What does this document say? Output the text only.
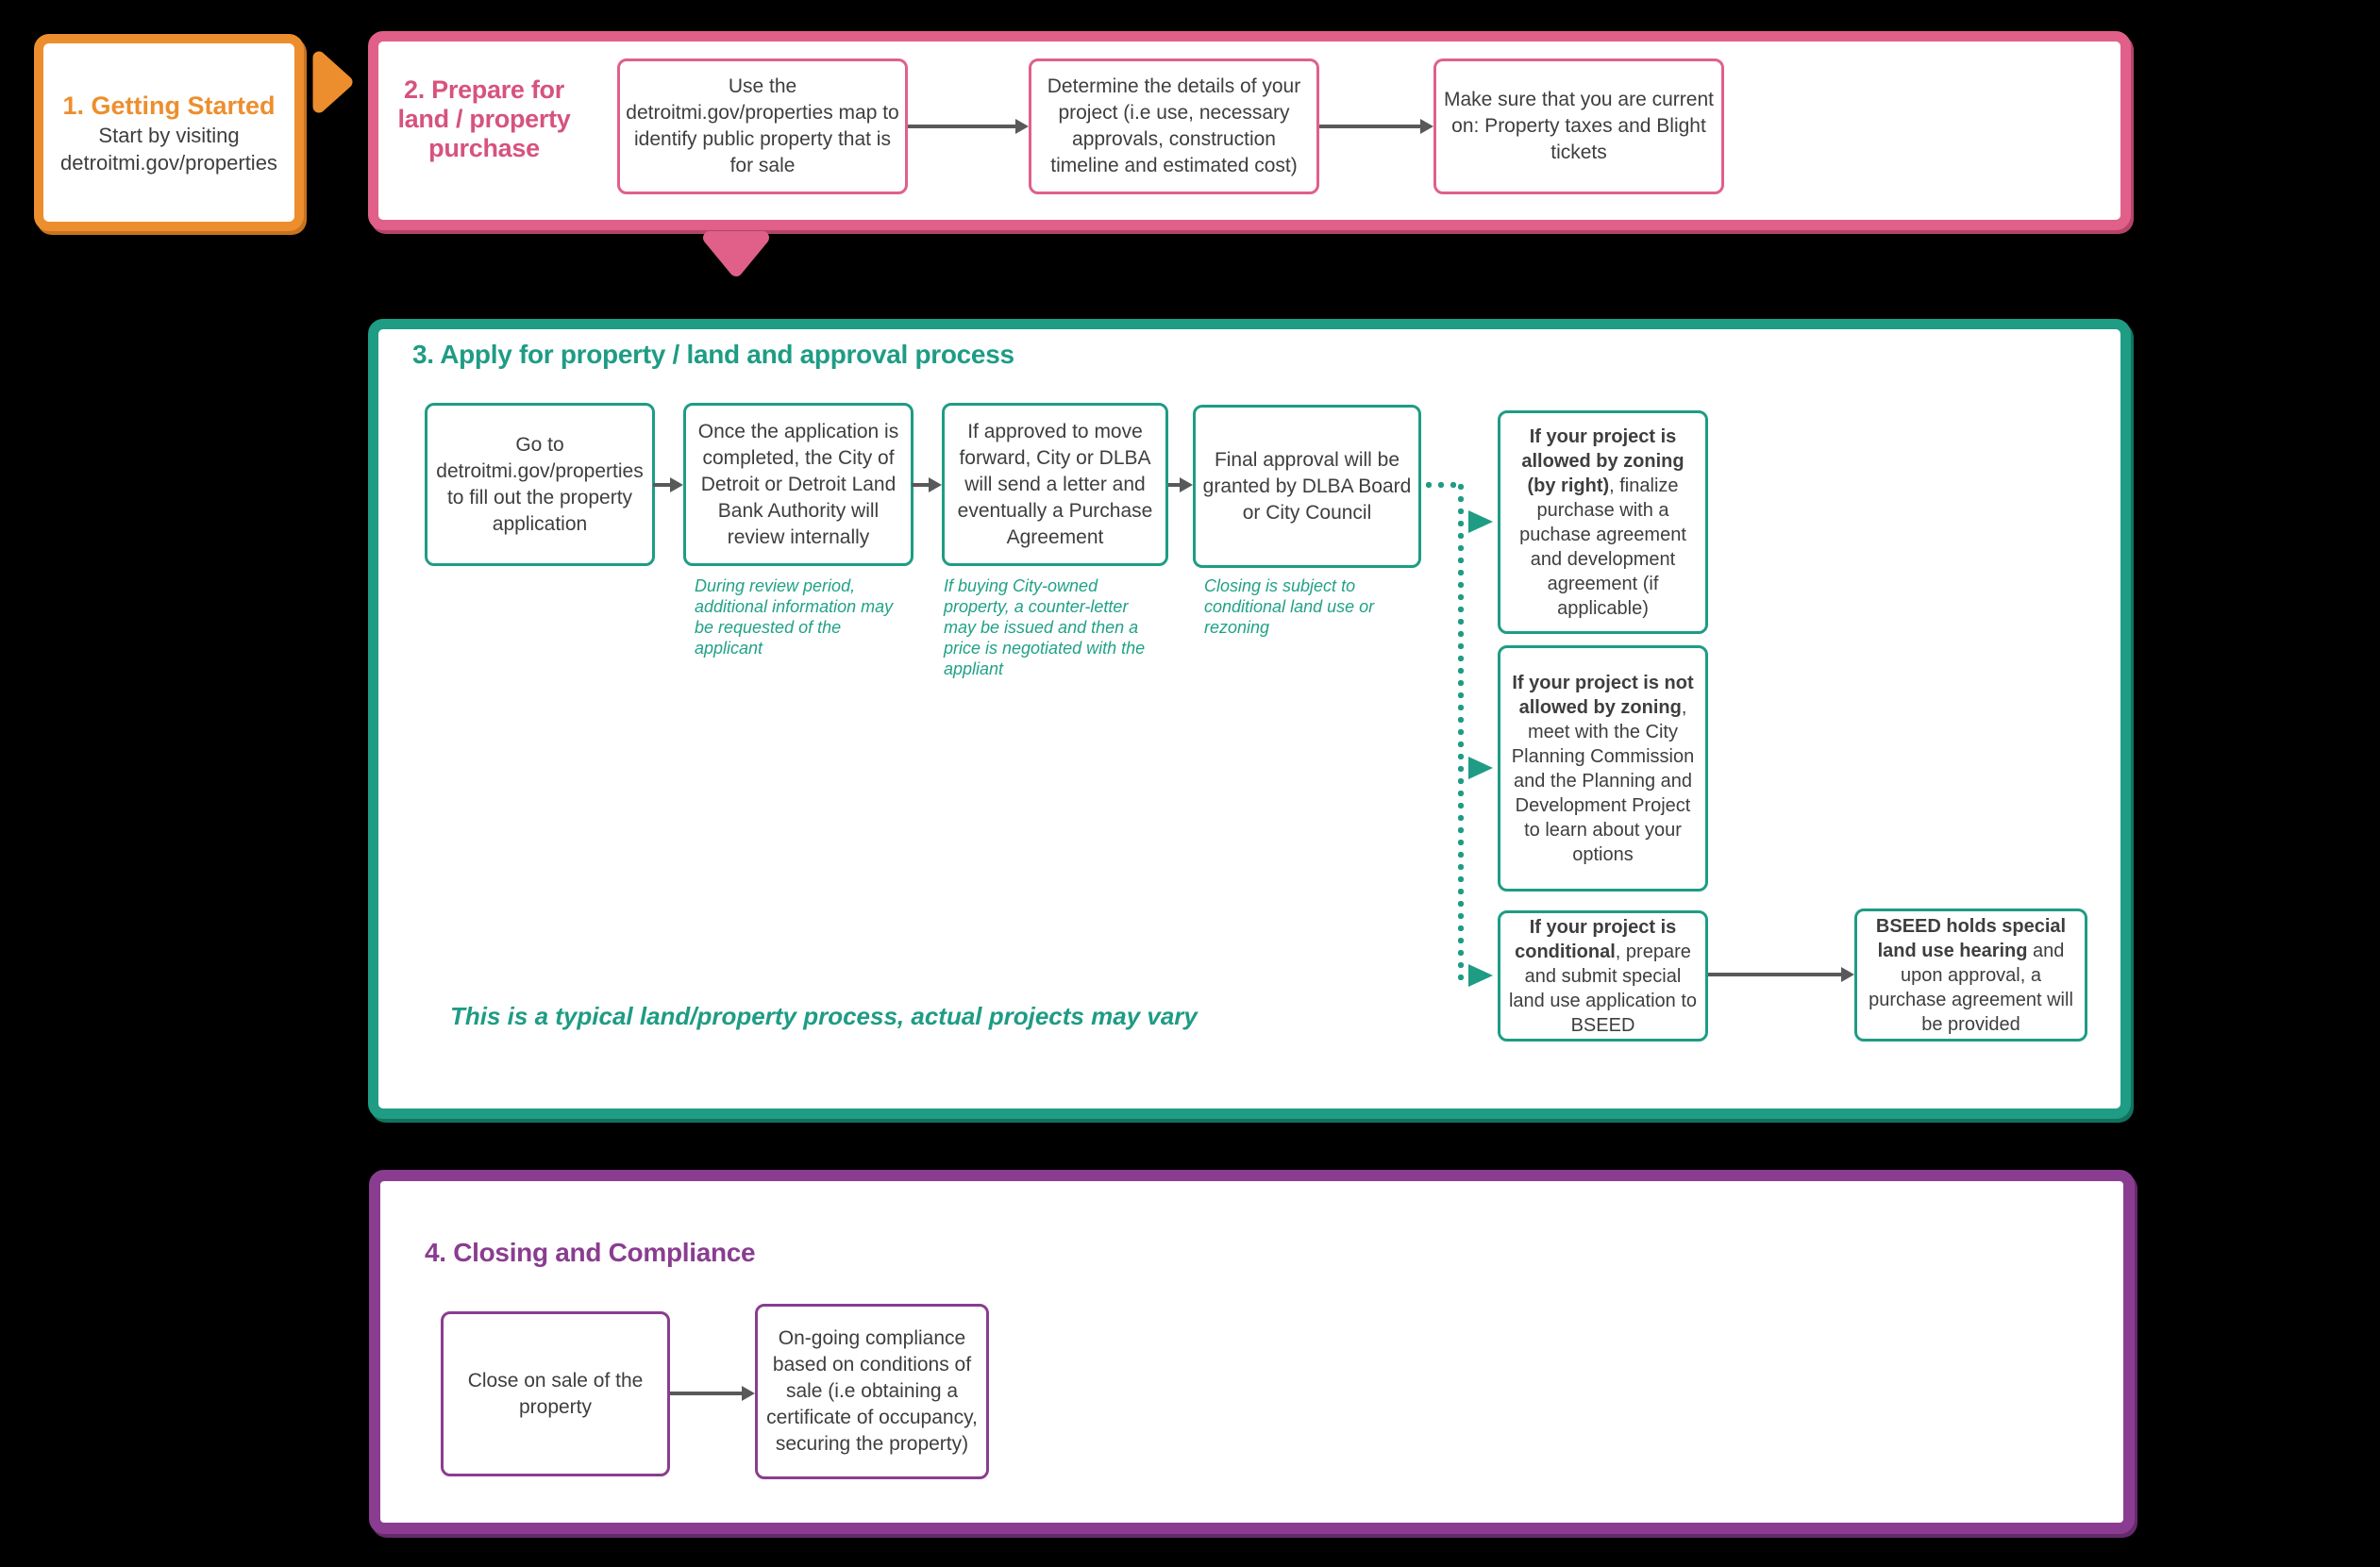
1. Getting Started
Start by visiting
detroitmi.gov/properties
2. Prepare for land / property purchase
Use the detroitmi.gov/properties map to identify public property that is for sale
Determine the details of your project (i.e use, necessary approvals, construction timeline and estimated cost)
Make sure that you are current on: Property taxes and Blight tickets
3. Apply for property / land and approval process
Go to detroitmi.gov/properties to fill out the property application
Once the application is completed, the City of Detroit or Detroit Land Bank Authority will review internally
If approved to move forward, City or DLBA will send a letter and eventually a Purchase Agreement
Final approval will be granted by DLBA Board or City Council
During review period, additional information may be requested of the applicant
If buying City-owned property, a counter-letter may be issued and then a price is negotiated with the appliant
Closing is subject to conditional land use or rezoning
If your project is allowed by zoning (by right), finalize purchase with a puchase agreement and development agreement (if applicable)
If your project is not allowed by zoning, meet with the City Planning Commission and the Planning and Development Project to learn about your options
If your project is conditional, prepare and submit special land use application to BSEED
BSEED holds special land use hearing and upon approval, a purchase agreement will be provided
This is a typical land/property process, actual projects may vary
4. Closing and Compliance
Close on sale of the property
On-going compliance based on conditions of sale (i.e obtaining a certificate of occupancy, securing the property)
